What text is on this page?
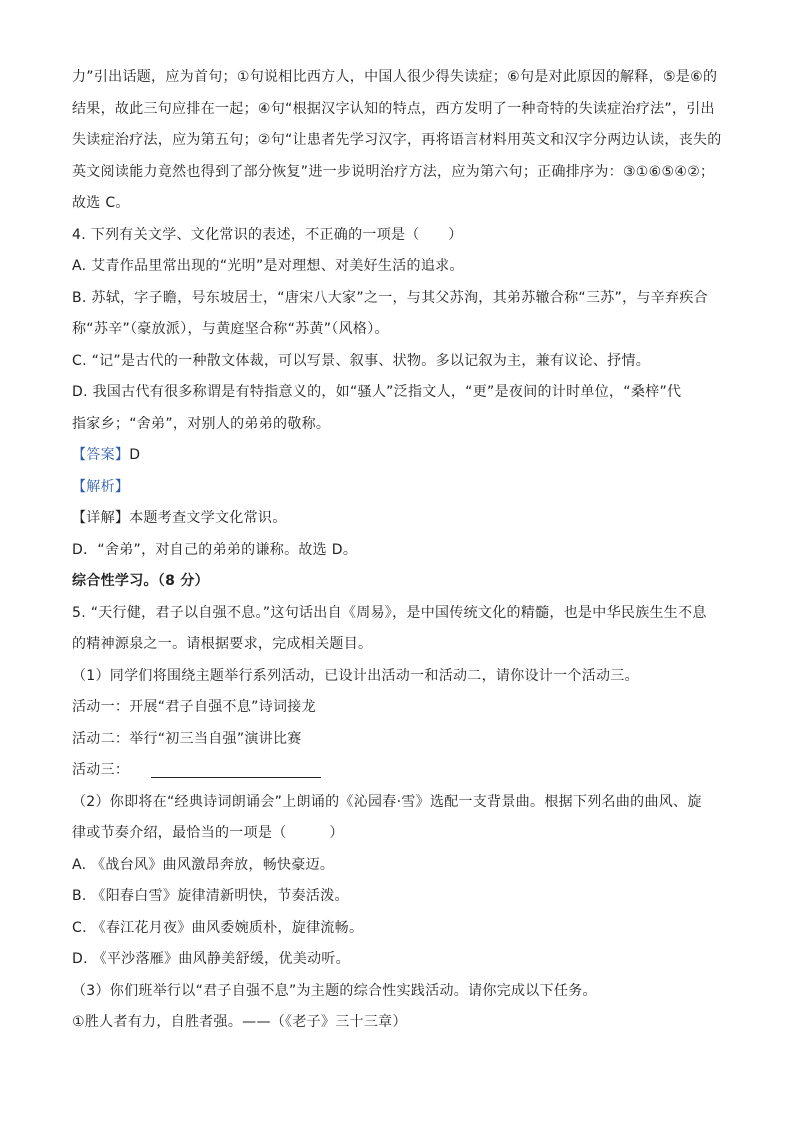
力”引出话题，应为首句；①句说相比西方人，中国人很少得失读症；⑥句是对此原因的解释，⑤是⑥的
结果，故此三句应排在一起；④句“根据汉字认知的特点，西方发明了一种奇特的失读症治疗法”，引出
失读症治疗法，应为第五句；②句“让患者先学习汉字，再将语言材料用英文和汉字分两边认读，丧失的
英文阅读能力竟然也得到了部分恢复”进一步说明治疗方法，应为第六句；正确排序为：③①⑥⑤④②；
故选 C。
4. 下列有关文学、文化常识的表述，不正确的一项是（　　）
A. 艾青作品里常出现的“光明”是对理想、对美好生活的追求。
B. 苏轼，字子瞻，号东坡居士，“唐宋八大家”之一，与其父苏洵，其弟苏辙合称“三苏”，与辛弃疾合
称“苏辛”（豪放派），与黄庭坚合称“苏黄”（风格）。
C. “记”是古代的一种散文体裁，可以写景、叙事、状物。多以记叙为主，兼有议论、抒情。
D. 我国古代有很多称谓是有特指意义的，如“骚人”泛指文人，“更”是夜间的计时单位，“桑梓”代
指家乡；“舍弟”，对别人的弟弟的敬称。
【答案】D
【解析】
【详解】本题考查文学文化常识。
D．“舍弟”，对自己的弟弟的谦称。故选 D。
综合性学习。（8 分）
5. “天行健，君子以自强不息。”这句话出自《周易》，是中国传统文化的精髓，也是中华民族生生不息
的精神源泉之一。请根据要求，完成相关题目。
（1）同学们将围绕主题举行系列活动，已设计出活动一和活动二，请你设计一个活动三。
活动一：开展“君子自强不息”诗词接龙
活动二：举行“初三当自强”演讲比赛
活动三：
（2）你即将在“经典诗词朗诵会”上朗诵的《沁园春·雪》选配一支背景曲。根据下列名曲的曲风、旋
律或节奏介绍，最恰当的一项是（　　　）
A. 《战台风》曲风激昂奔放，畅快豪迈。
B. 《阳春白雪》旋律清新明快，节奏活泼。
C. 《春江花月夜》曲风委婉质朴，旋律流畅。
D. 《平沙落雁》曲风静美舒缓，优美动听。
（3）你们班举行以“君子自强不息”为主题的综合性实践活动。请你完成以下任务。
①胜人者有力，自胜者强。——（《老子》三十三章）
